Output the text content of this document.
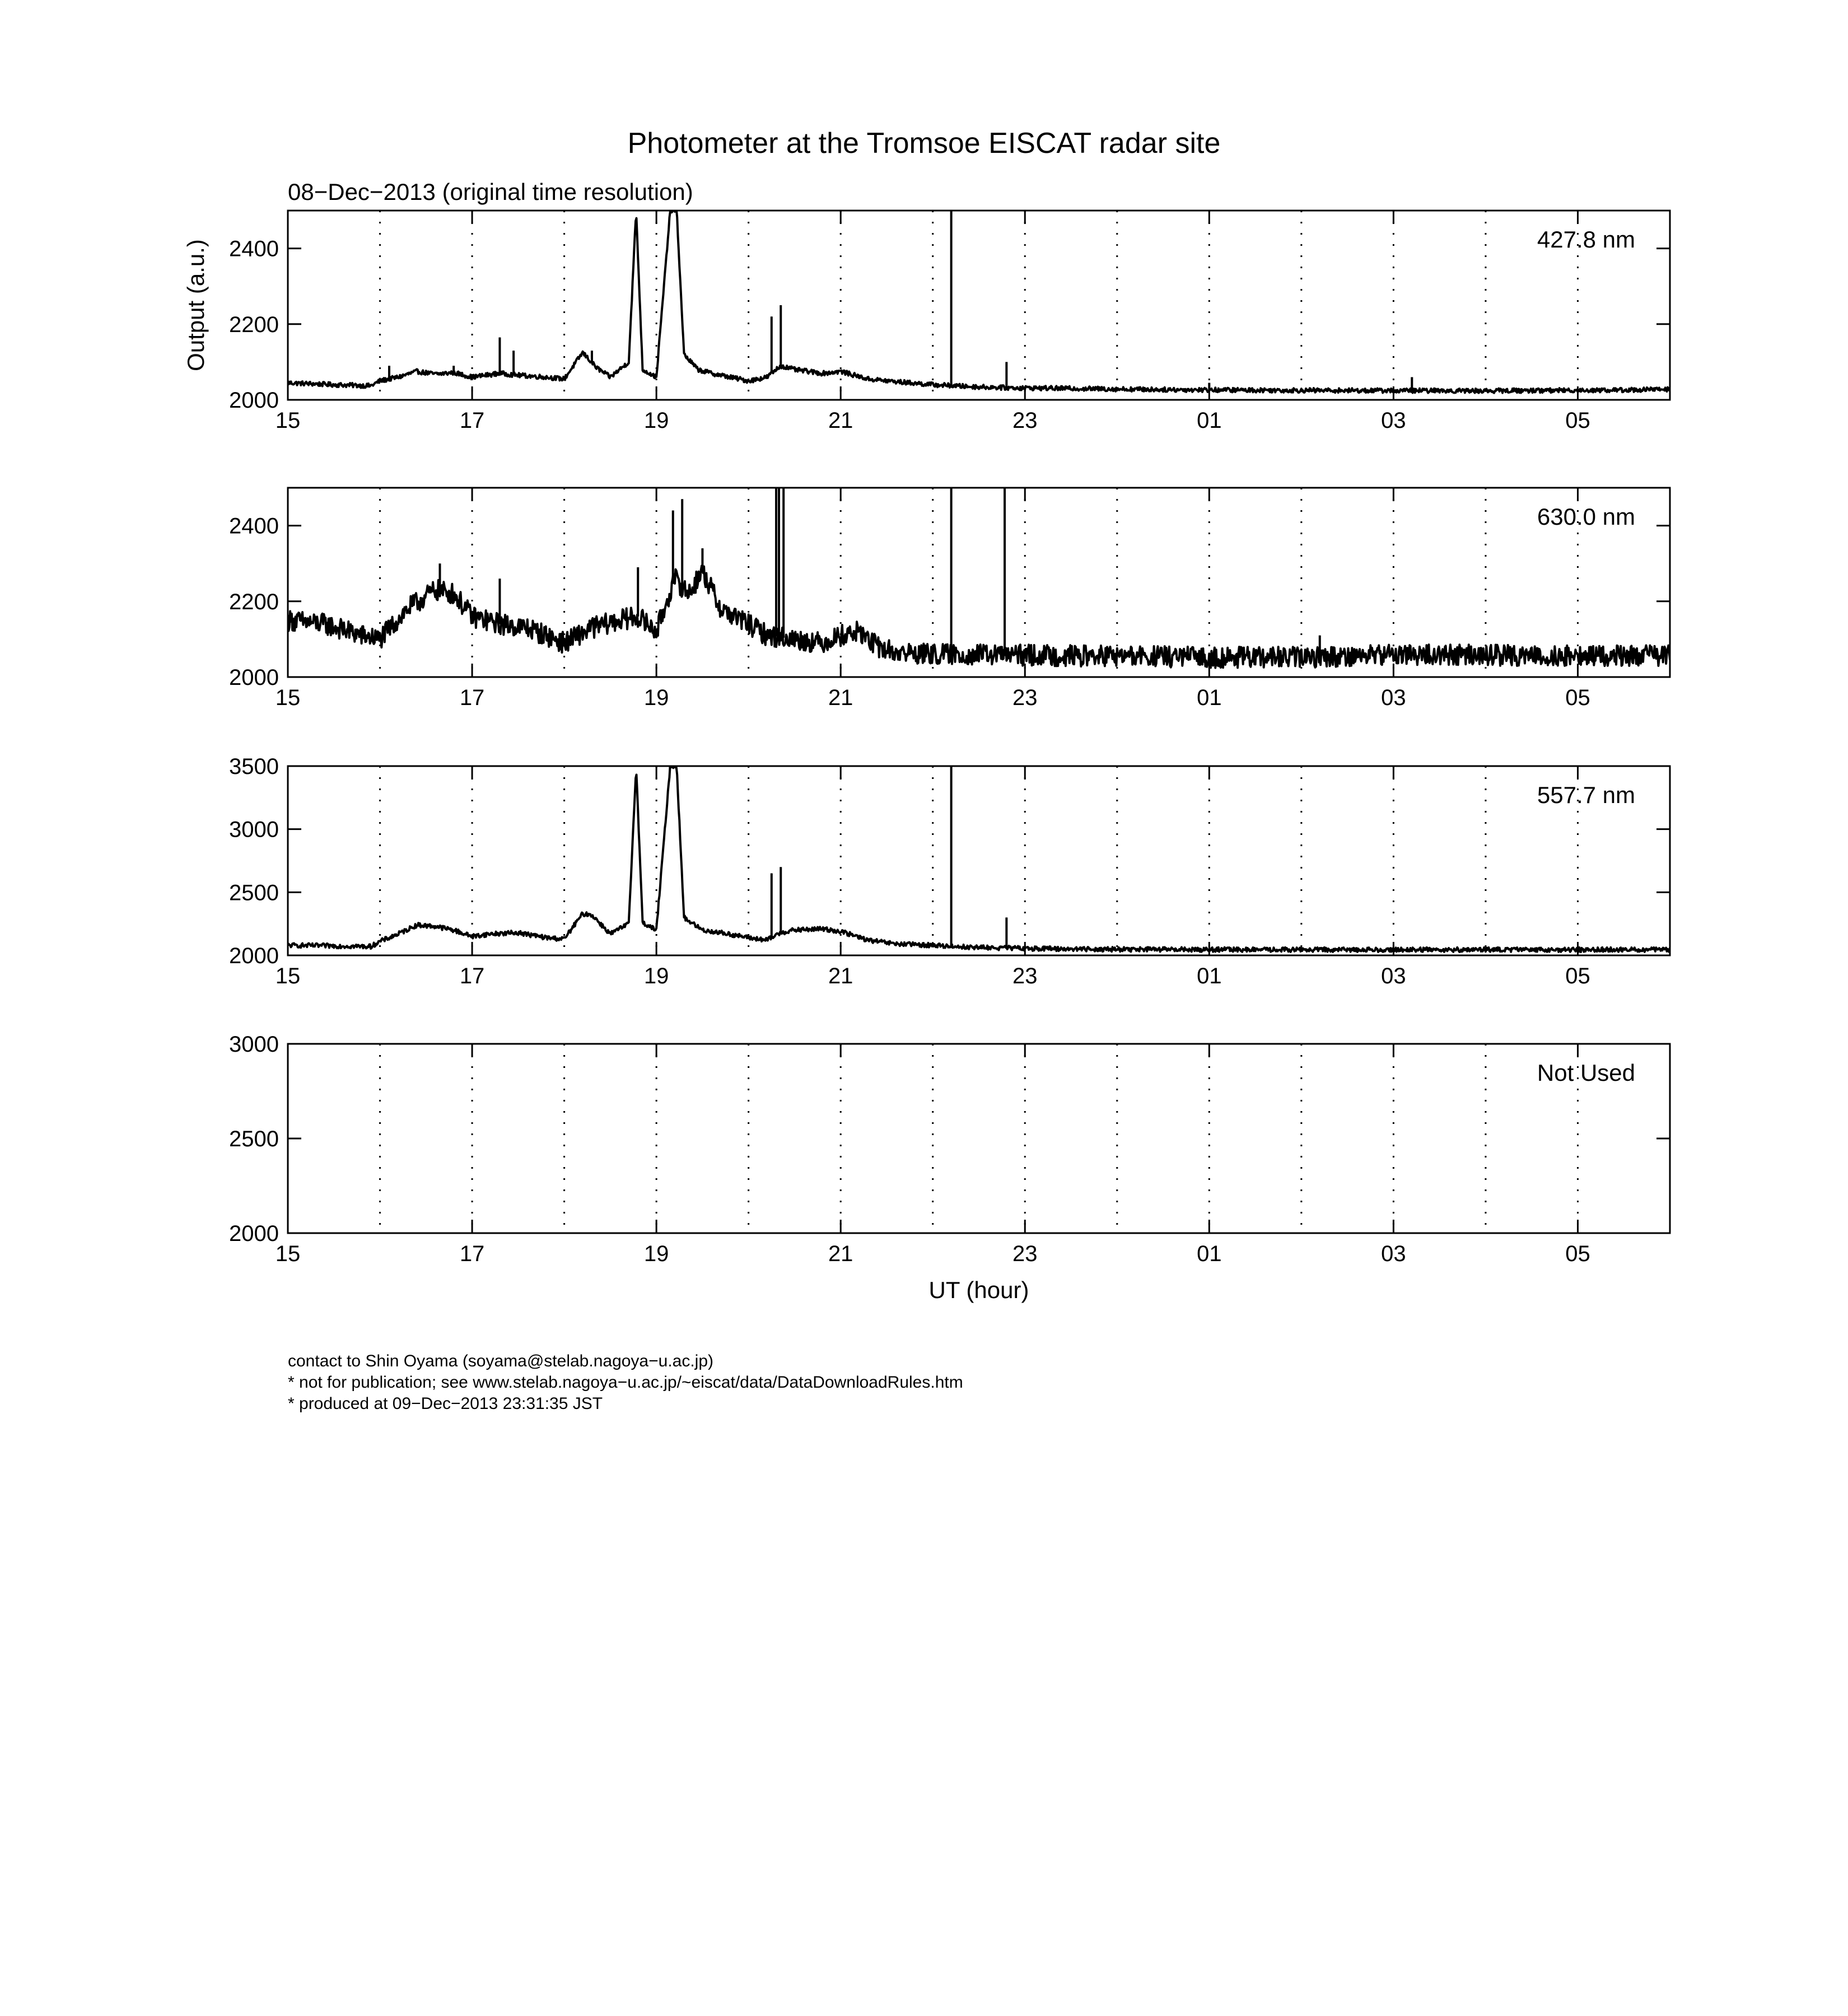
Photometer at the Tromsoe EISCAT radar site
08−Dec−2013 (original time resolution)
2000
2200
2400
15	17	19	21	23	01	03	05
427.8 nm
2000
2200
2400
15	17	19	21	23	01	03	05
630.0 nm
2000
2500
3000
3500
15	17	19	21	23	01	03	05
557.7 nm
2000
2500
3000
15	17	19	21	23	01	03	05
Not Used
Output (a.u.)
UT (hour)
contact to Shin Oyama (soyama@stelab.nagoya−u.ac.jp)
* not for publication; see www.stelab.nagoya−u.ac.jp/~eiscat/data/DataDownloadRules.htm
* produced at 09−Dec−2013 23:31:35 JST
